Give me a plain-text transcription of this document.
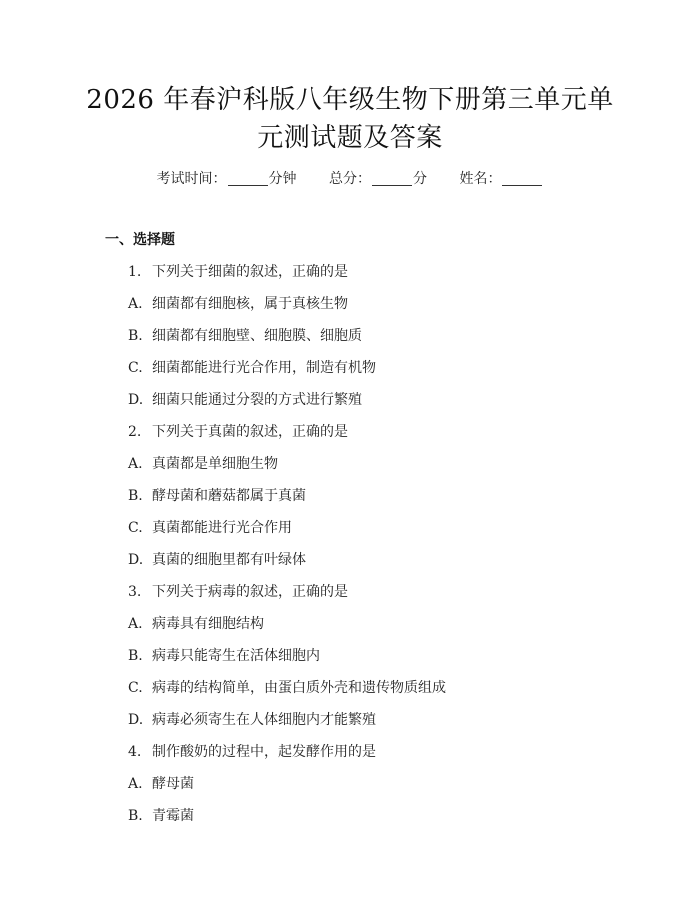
2026 年春沪科版八年级生物下册第三单元单
元测试题及答案
考试时间：	分钟 总分：	分 姓名：
一、选择题
1. 下列关于细菌的叙述，正确的是
A. 细菌都有细胞核，属于真核生物
B. 细菌都有细胞壁、细胞膜、细胞质
C. 细菌都能进行光合作用，制造有机物
D. 细菌只能通过分裂的方式进行繁殖
2. 下列关于真菌的叙述，正确的是
A. 真菌都是单细胞生物
B. 酵母菌和蘑菇都属于真菌
C. 真菌都能进行光合作用
D. 真菌的细胞里都有叶绿体
3. 下列关于病毒的叙述，正确的是
A. 病毒具有细胞结构
B. 病毒只能寄生在活体细胞内
C. 病毒的结构简单，由蛋白质外壳和遗传物质组成
D. 病毒必须寄生在人体细胞内才能繁殖
4. 制作酸奶的过程中，起发酵作用的是
A. 酵母菌
B. 青霉菌
